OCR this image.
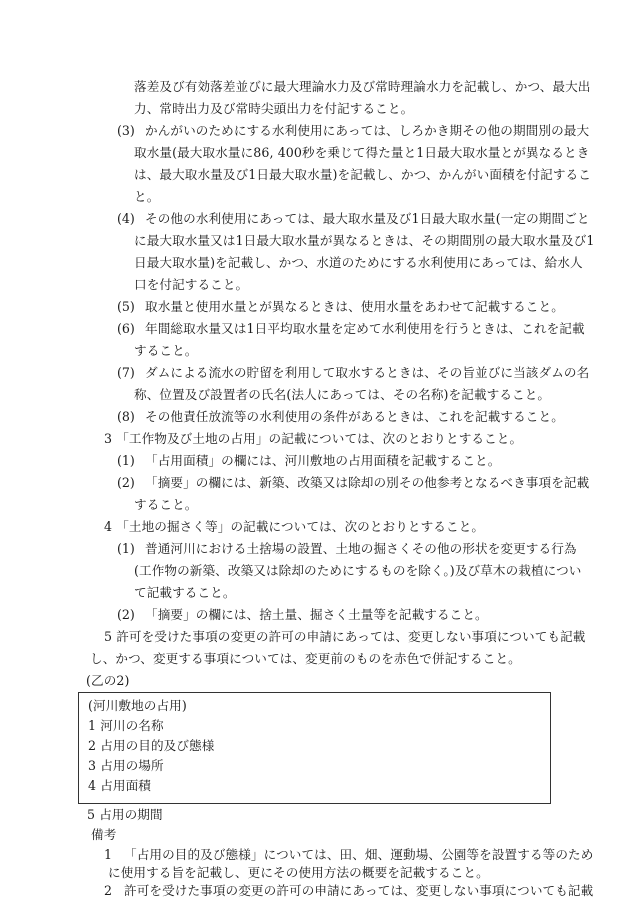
落差及び有効落差並びに最大理論水力及び常時理論水力を記載し、かつ、最大出
力、常時出力及び常時尖頭出力を付記すること。
(3) かんがいのためにする水利使用にあっては、しろかき期その他の期間別の最大
取水量(最大取水量に86, 400秒を乗じて得た量と1日最大取水量とが異なるとき
は、最大取水量及び1日最大取水量)を記載し、かつ、かんがい面積を付記するこ
と。
(4) その他の水利使用にあっては、最大取水量及び1日最大取水量(一定の期間ごと
に最大取水量又は1日最大取水量が異なるときは、その期間別の最大取水量及び1
日最大取水量)を記載し、かつ、水道のためにする水利使用にあっては、給水人
口を付記すること。
(5) 取水量と使用水量とが異なるときは、使用水量をあわせて記載すること。
(6) 年間総取水量又は1日平均取水量を定めて水利使用を行うときは、これを記載
すること。
(7) ダムによる流水の貯留を利用して取水するときは、その旨並びに当該ダムの名
称、位置及び設置者の氏名(法人にあっては、その名称)を記載すること。
(8) その他責任放流等の水利使用の条件があるときは、これを記載すること。
3 「工作物及び土地の占用」の記載については、次のとおりとすること。
(1) 「占用面積」の欄には、河川敷地の占用面積を記載すること。
(2) 「摘要」の欄には、新築、改築又は除却の別その他参考となるべき事項を記載
すること。
4 「土地の掘さく等」の記載については、次のとおりとすること。
(1) 普通河川における土捨場の設置、土地の掘さくその他の形状を変更する行為
(工作物の新築、改築又は除却のためにするものを除く。)及び草木の栽植につい
て記載すること。
(2) 「摘要」の欄には、捨土量、掘さく土量等を記載すること。
5 許可を受けた事項の変更の許可の申請にあっては、変更しない事項についても記載
し、かつ、変更する事項については、変更前のものを赤色で併記すること。
(乙の2)
(河川敷地の占用)
1 河川の名称
2 占用の目的及び態様
3 占用の場所
4 占用面積
5 占用の期間
備考
1 「占用の目的及び態様」については、田、畑、運動場、公園等を設置する等のため
に使用する旨を記載し、更にその使用方法の概要を記載すること。
2 許可を受けた事項の変更の許可の申請にあっては、変更しない事項についても記載
